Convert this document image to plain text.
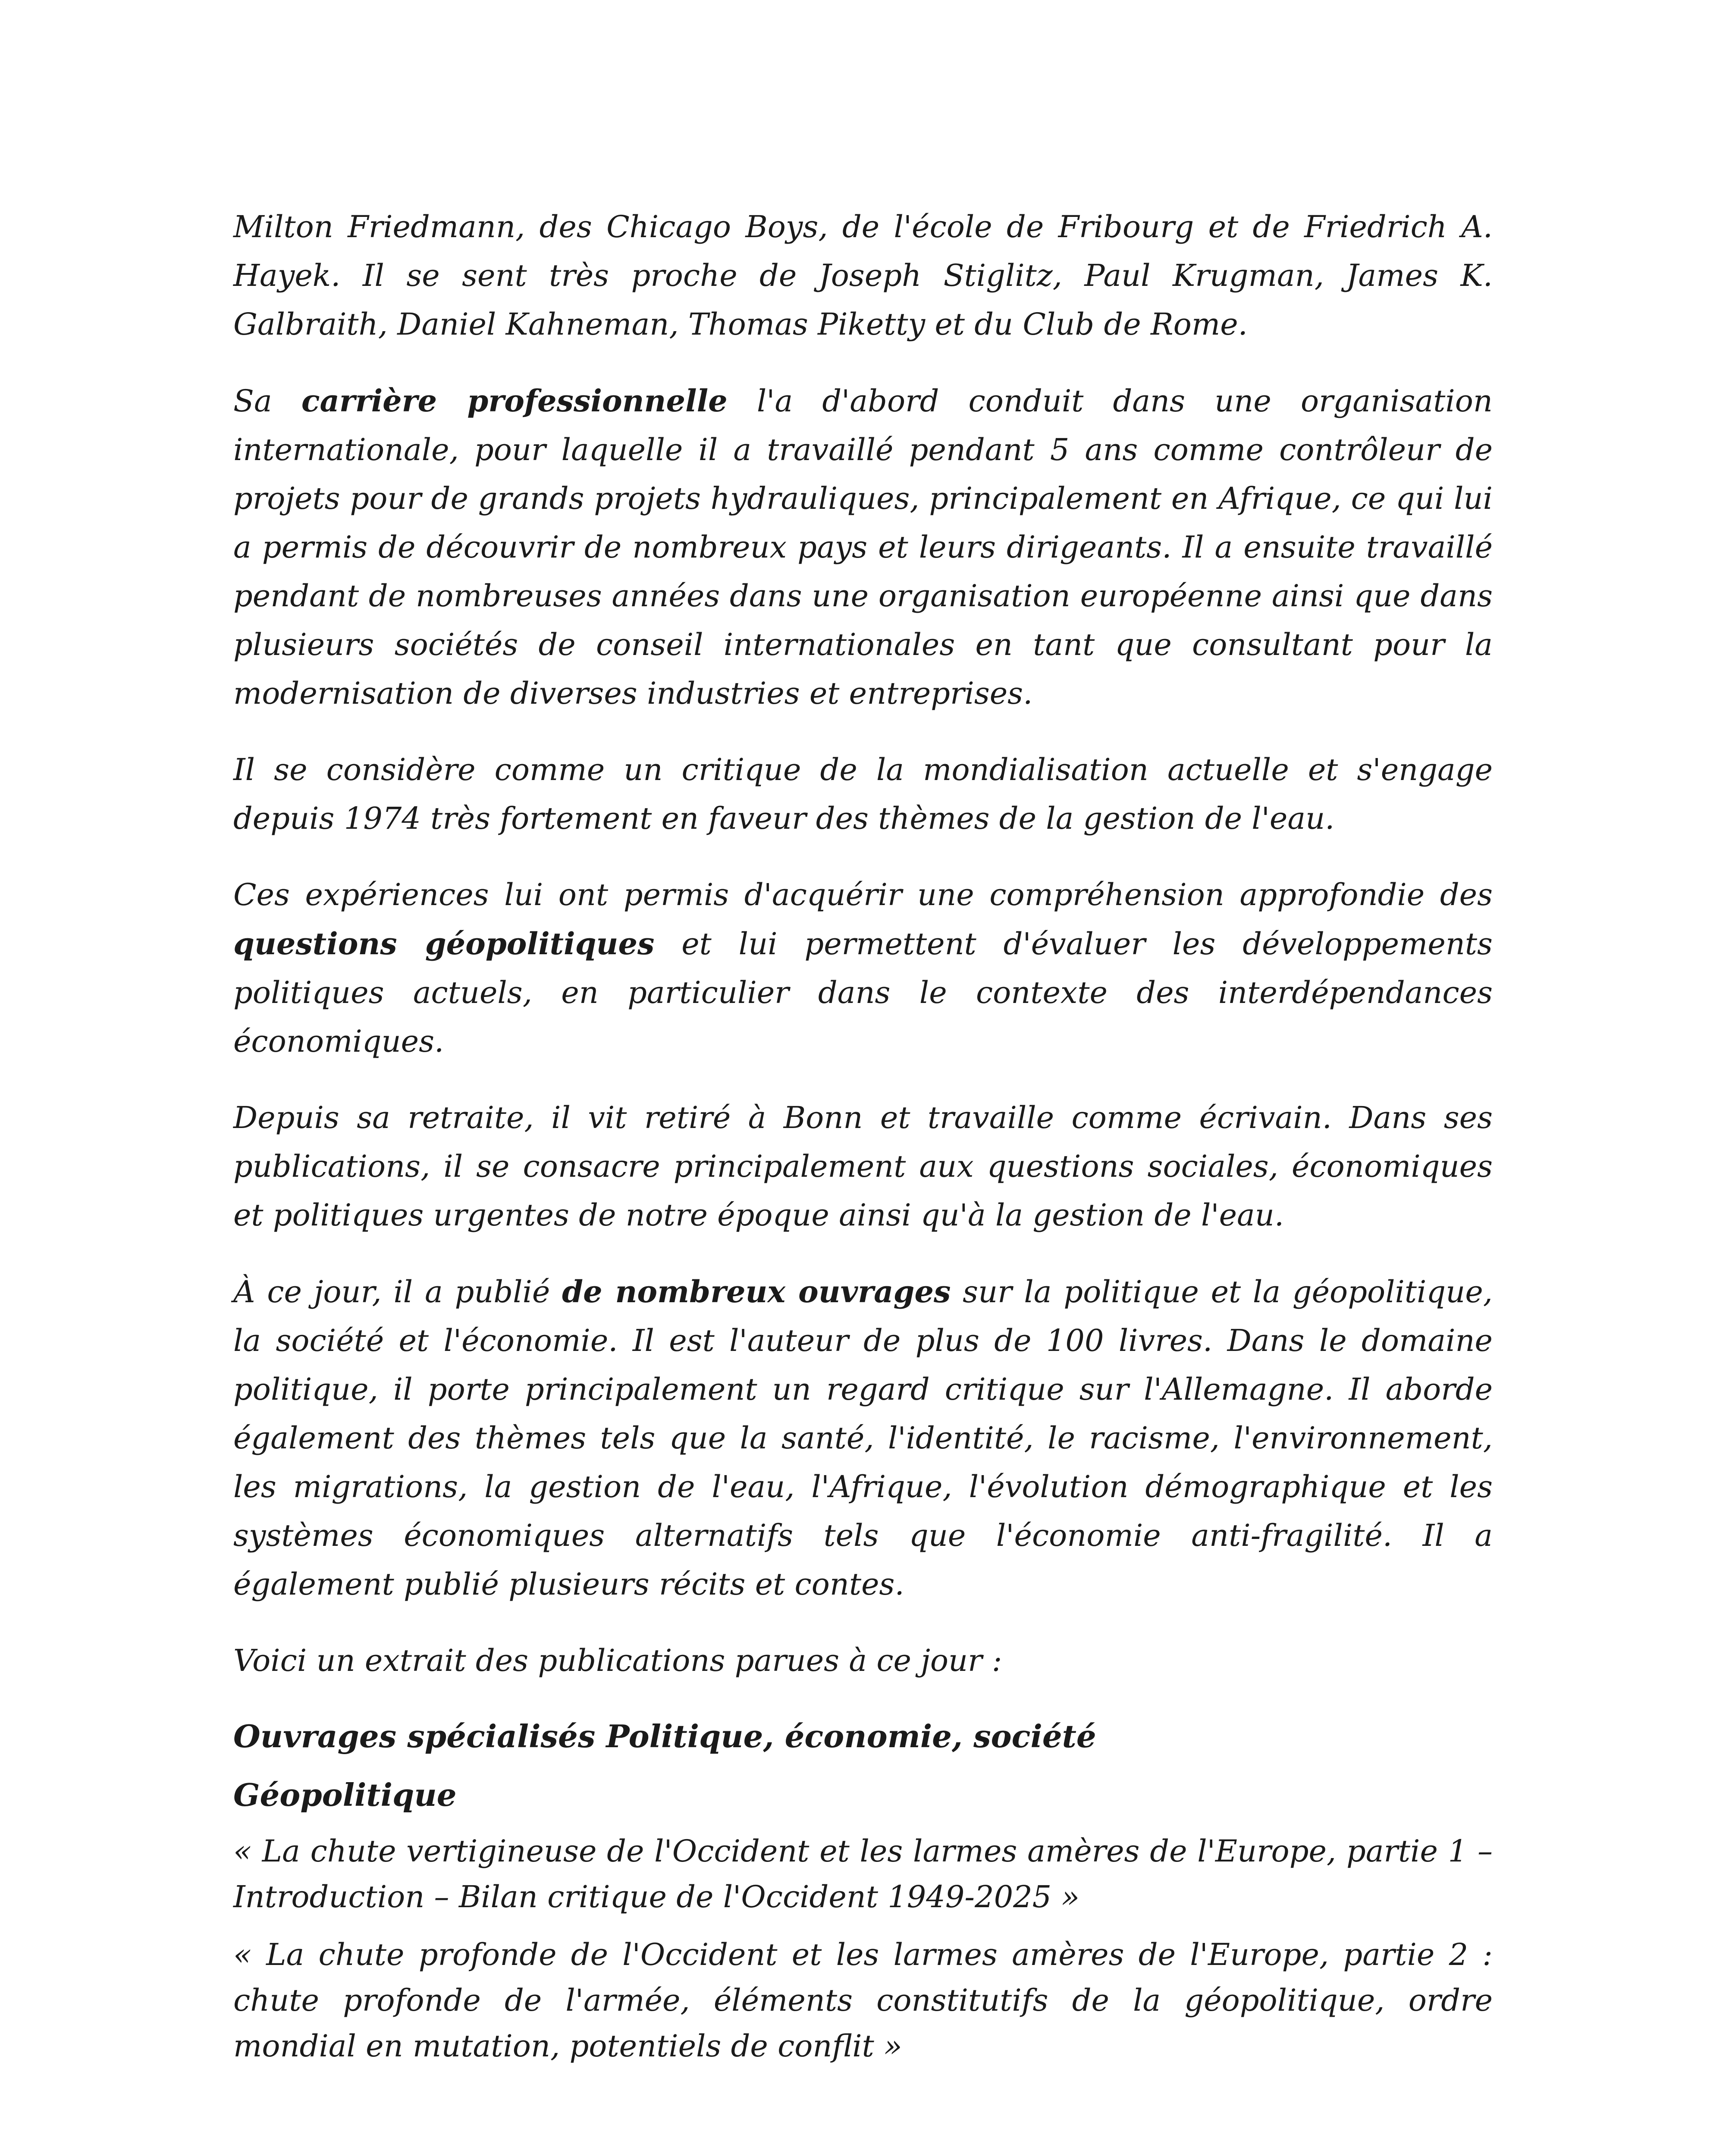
Milton Friedmann, des Chicago Boys, de l'école de Fribourg et de Friedrich A. Hayek. Il se sent très proche de Joseph Stiglitz, Paul Krugman, James K. Galbraith, Daniel Kahneman, Thomas Piketty et du Club de Rome.

Sa carrière professionnelle l'a d'abord conduit dans une organisation internationale, pour laquelle il a travaillé pendant 5 ans comme contrôleur de projets pour de grands projets hydrauliques, principalement en Afrique, ce qui lui a permis de découvrir de nombreux pays et leurs dirigeants. Il a ensuite travaillé pendant de nombreuses années dans une organisation européenne ainsi que dans plusieurs sociétés de conseil internationales en tant que consultant pour la modernisation de diverses industries et entreprises.

Il se considère comme un critique de la mondialisation actuelle et s'engage depuis 1974 très fortement en faveur des thèmes de la gestion de l'eau.

Ces expériences lui ont permis d'acquérir une compréhension approfondie des questions géopolitiques et lui permettent d'évaluer les développements politiques actuels, en particulier dans le contexte des interdépendances économiques.

Depuis sa retraite, il vit retiré à Bonn et travaille comme écrivain. Dans ses publications, il se consacre principalement aux questions sociales, économiques et politiques urgentes de notre époque ainsi qu'à la gestion de l'eau.

À ce jour, il a publié de nombreux ouvrages sur la politique et la géopolitique, la société et l'économie. Il est l'auteur de plus de 100 livres. Dans le domaine politique, il porte principalement un regard critique sur l'Allemagne. Il aborde également des thèmes tels que la santé, l'identité, le racisme, l'environnement, les migrations, la gestion de l'eau, l'Afrique, l'évolution démographique et les systèmes économiques alternatifs tels que l'économie anti-fragilité. Il a également publié plusieurs récits et contes.

Voici un extrait des publications parues à ce jour :

Ouvrages spécialisés Politique, économie, société
Géopolitique

« La chute vertigineuse de l'Occident et les larmes amères de l'Europe, partie 1 – Introduction – Bilan critique de l'Occident 1949-2025 »

« La chute profonde de l'Occident et les larmes amères de l'Europe, partie 2 : chute profonde de l'armée, éléments constitutifs de la géopolitique, ordre mondial en mutation, potentiels de conflit »
